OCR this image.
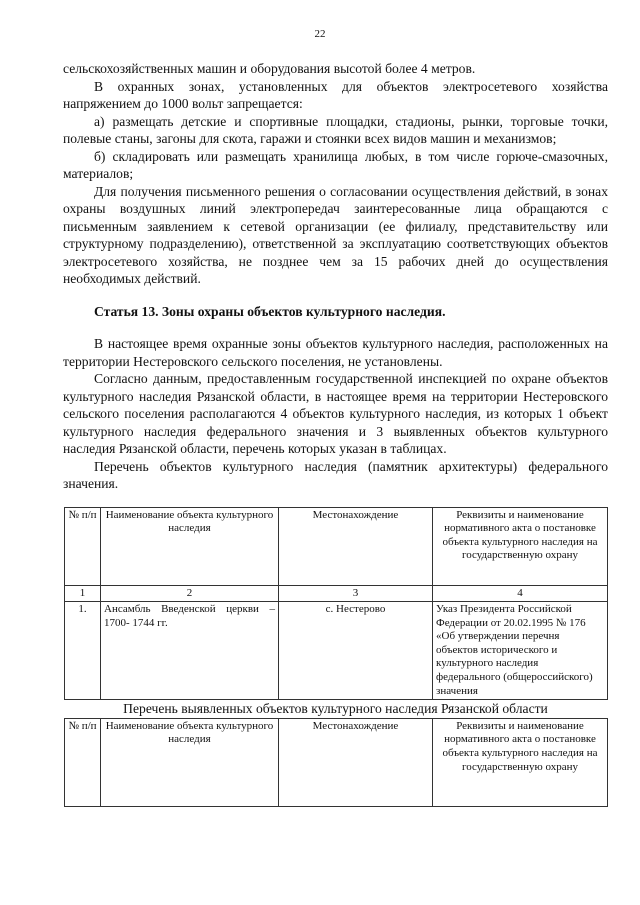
22

сельскохозяйственных машин и оборудования высотой более 4 метров.

В охранных зонах, установленных для объектов электросетевого хозяйства напряжением до 1000 вольт запрещается:

а) размещать детские и спортивные площадки, стадионы, рынки, торговые точки, полевые станы, загоны для скота, гаражи и стоянки всех видов машин и механизмов;

б) складировать или размещать хранилища любых, в том числе горюче-смазочных, материалов;

Для получения письменного решения о согласовании осуществления действий, в зонах охраны воздушных линий электропередач заинтересованные лица обращаются с письменным заявлением к сетевой организации (ее филиалу, представительству или структурному подразделению), ответственной за эксплуатацию соответствующих объектов электросетевого хозяйства, не позднее чем за 15 рабочих дней до осуществления необходимых действий.

Статья 13. Зоны охраны объектов культурного наследия.

В настоящее время охранные зоны объектов культурного наследия, расположенных на территории Нестеровского сельского поселения, не установлены.

Согласно данным, предоставленным государственной инспекцией по охране объектов культурного наследия Рязанской области, в настоящее время на территории Нестеровского сельского поселения располагаются 4 объектов культурного наследия, из которых 1 объект культурного наследия федерального значения и 3 выявленных объектов культурного наследия Рязанской области, перечень которых указан в таблицах.

Перечень объектов культурного наследия (памятник архитектуры) федерального значения.

№ п/п	Наименование объекта культурного наследия	Местонахождение	Реквизиты и наименование нормативного акта о постановке объекта культурного наследия на государственную охрану
1	2	3	4
1.	Ансамбль Введенской церкви – 1700- 1744 гг.	с. Нестерово	Указ Президента Российской Федерации от 20.02.1995 № 176 «Об утверждении перечня объектов исторического и культурного наследия федерального (общероссийского) значения

Перечень выявленных объектов культурного наследия Рязанской области

№ п/п	Наименование объекта культурного наследия	Местонахождение	Реквизиты и наименование нормативного акта о постановке объекта культурного наследия на государственную охрану
